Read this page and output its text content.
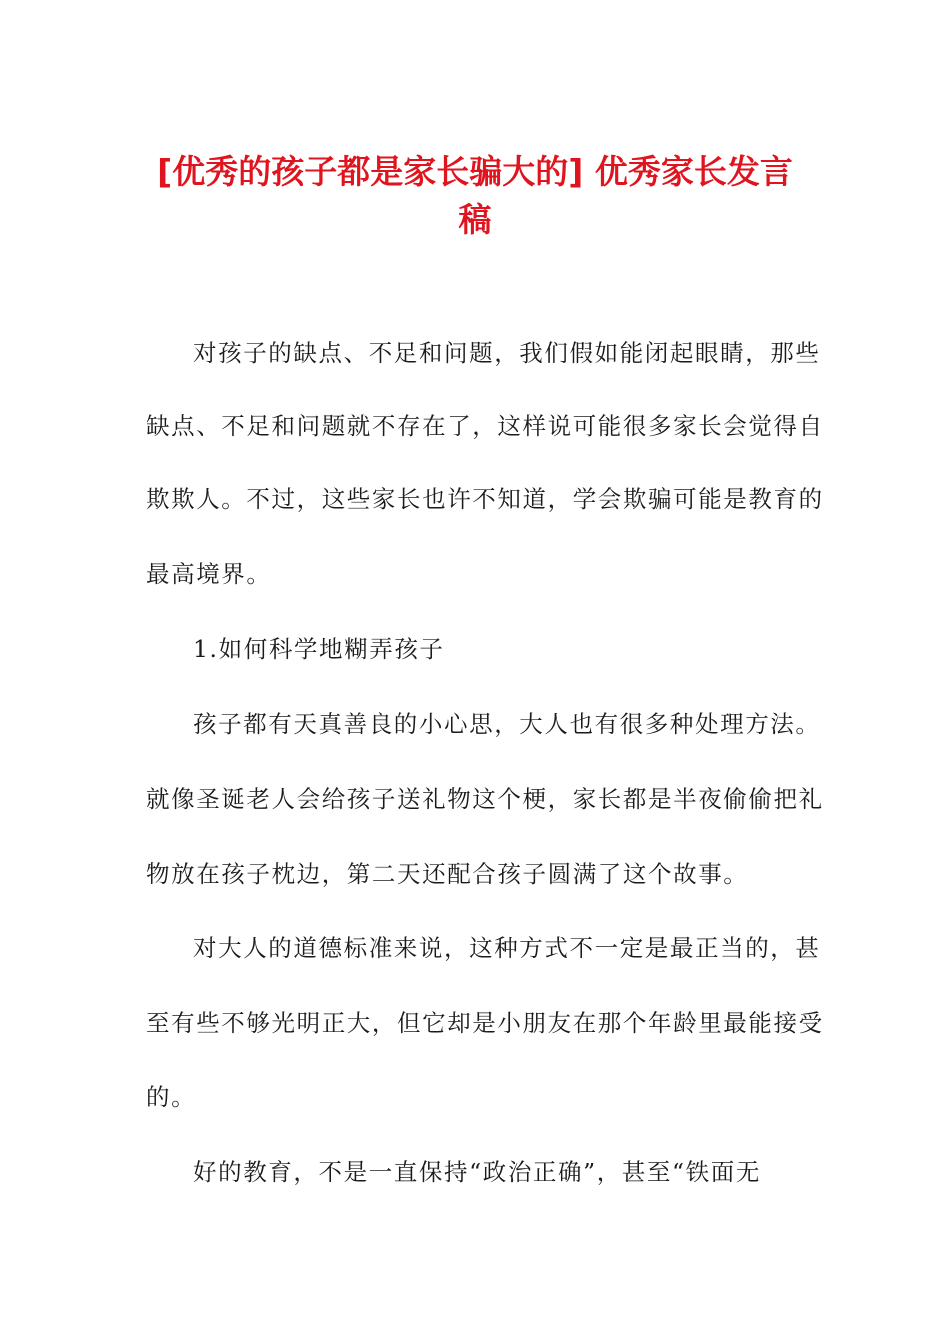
[优秀的孩子都是家长骗大的] 优秀家长发言
稿

对孩子的缺点、不足和问题，我们假如能闭起眼睛，那些

缺点、不足和问题就不存在了，这样说可能很多家长会觉得自

欺欺人。不过，这些家长也许不知道，学会欺骗可能是教育的

最高境界。

1.如何科学地糊弄孩子

孩子都有天真善良的小心思，大人也有很多种处理方法。

就像圣诞老人会给孩子送礼物这个梗，家长都是半夜偷偷把礼

物放在孩子枕边，第二天还配合孩子圆满了这个故事。

对大人的道德标准来说，这种方式不一定是最正当的，甚

至有些不够光明正大，但它却是小朋友在那个年龄里最能接受

的。

好的教育，不是一直保持“政治正确”，甚至“铁面无
